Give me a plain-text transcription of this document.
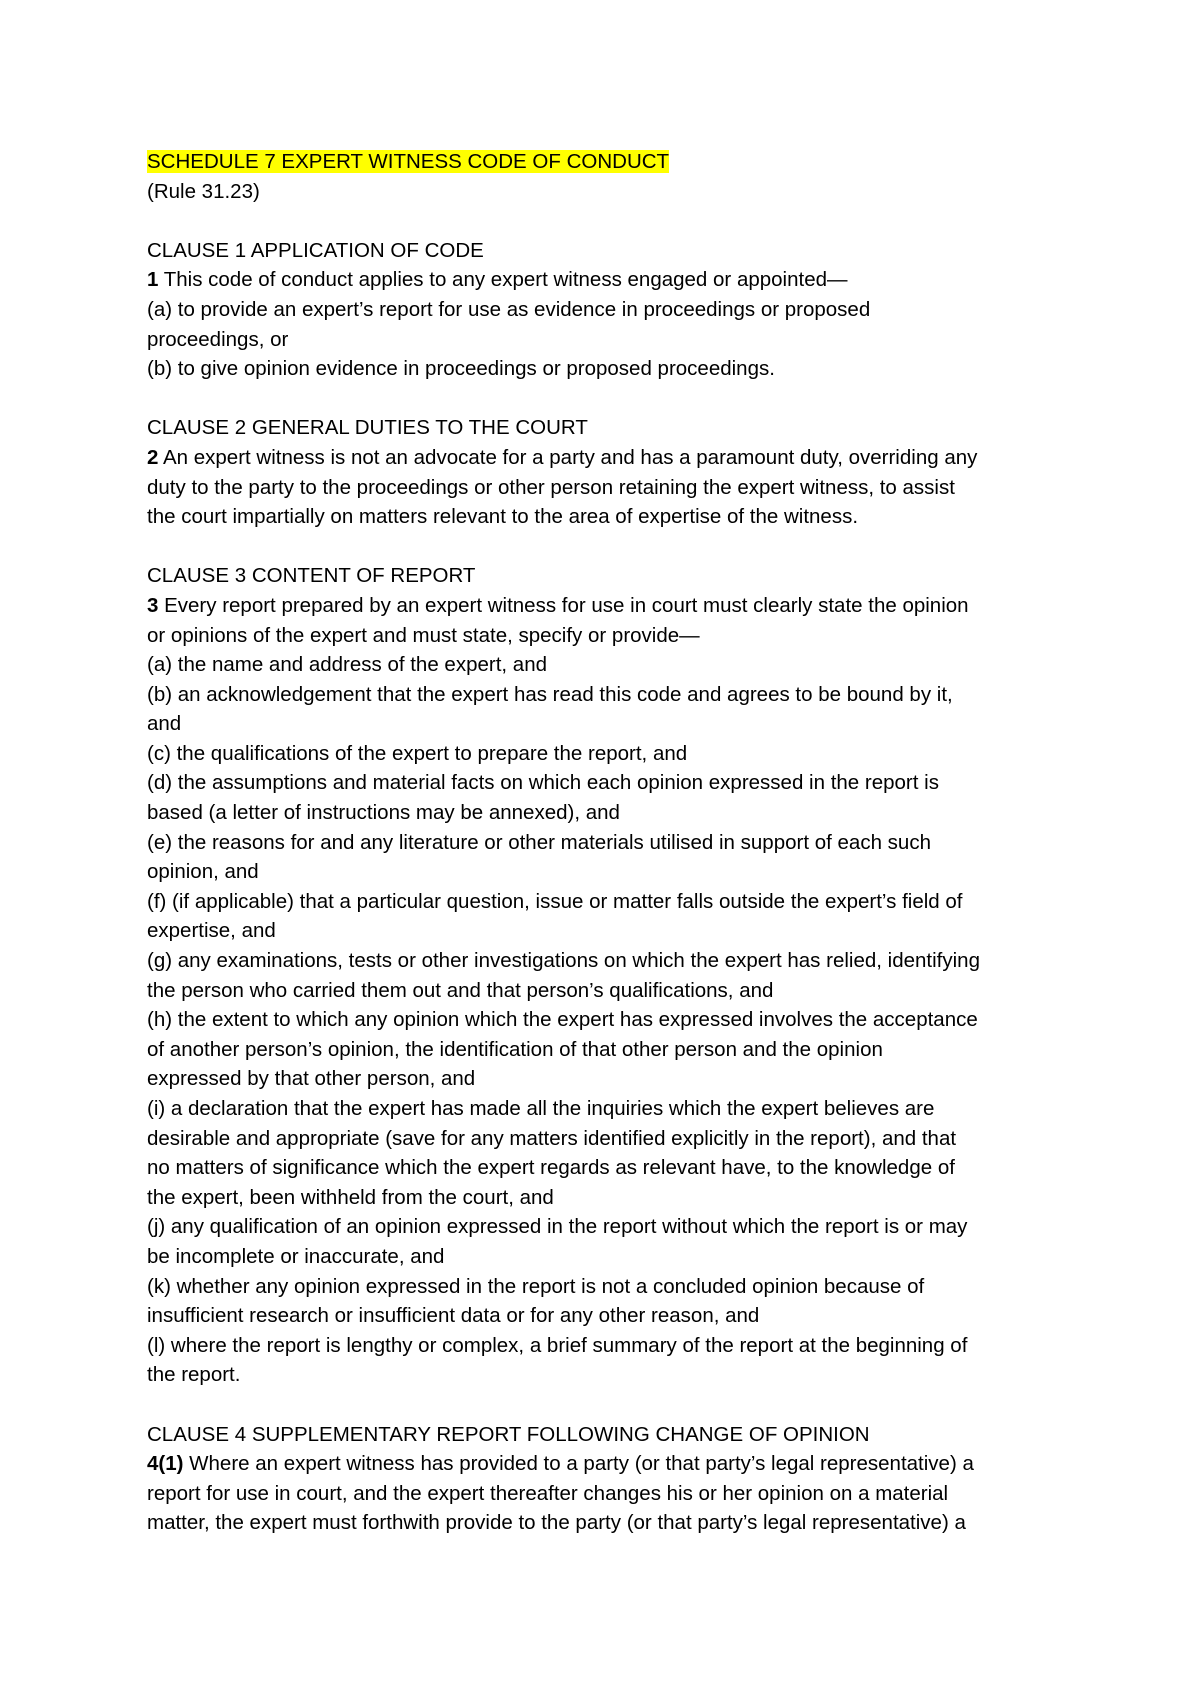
SCHEDULE 7 EXPERT WITNESS CODE OF CONDUCT
(Rule 31.23)
CLAUSE 1 APPLICATION OF CODE
1 This code of conduct applies to any expert witness engaged or appointed—
(a) to provide an expert’s report for use as evidence in proceedings or proposed
proceedings, or
(b) to give opinion evidence in proceedings or proposed proceedings.
CLAUSE 2 GENERAL DUTIES TO THE COURT
2 An expert witness is not an advocate for a party and has a paramount duty, overriding any
duty to the party to the proceedings or other person retaining the expert witness, to assist
the court impartially on matters relevant to the area of expertise of the witness.
CLAUSE 3 CONTENT OF REPORT
3 Every report prepared by an expert witness for use in court must clearly state the opinion
or opinions of the expert and must state, specify or provide—
(a) the name and address of the expert, and
(b) an acknowledgement that the expert has read this code and agrees to be bound by it,
and
(c) the qualifications of the expert to prepare the report, and
(d) the assumptions and material facts on which each opinion expressed in the report is
based (a letter of instructions may be annexed), and
(e) the reasons for and any literature or other materials utilised in support of each such
opinion, and
(f) (if applicable) that a particular question, issue or matter falls outside the expert’s field of
expertise, and
(g) any examinations, tests or other investigations on which the expert has relied, identifying
the person who carried them out and that person’s qualifications, and
(h) the extent to which any opinion which the expert has expressed involves the acceptance
of another person’s opinion, the identification of that other person and the opinion
expressed by that other person, and
(i) a declaration that the expert has made all the inquiries which the expert believes are
desirable and appropriate (save for any matters identified explicitly in the report), and that
no matters of significance which the expert regards as relevant have, to the knowledge of
the expert, been withheld from the court, and
(j) any qualification of an opinion expressed in the report without which the report is or may
be incomplete or inaccurate, and
(k) whether any opinion expressed in the report is not a concluded opinion because of
insufficient research or insufficient data or for any other reason, and
(l) where the report is lengthy or complex, a brief summary of the report at the beginning of
the report.
CLAUSE 4 SUPPLEMENTARY REPORT FOLLOWING CHANGE OF OPINION
4(1) Where an expert witness has provided to a party (or that party’s legal representative) a
report for use in court, and the expert thereafter changes his or her opinion on a material
matter, the expert must forthwith provide to the party (or that party’s legal representative) a
